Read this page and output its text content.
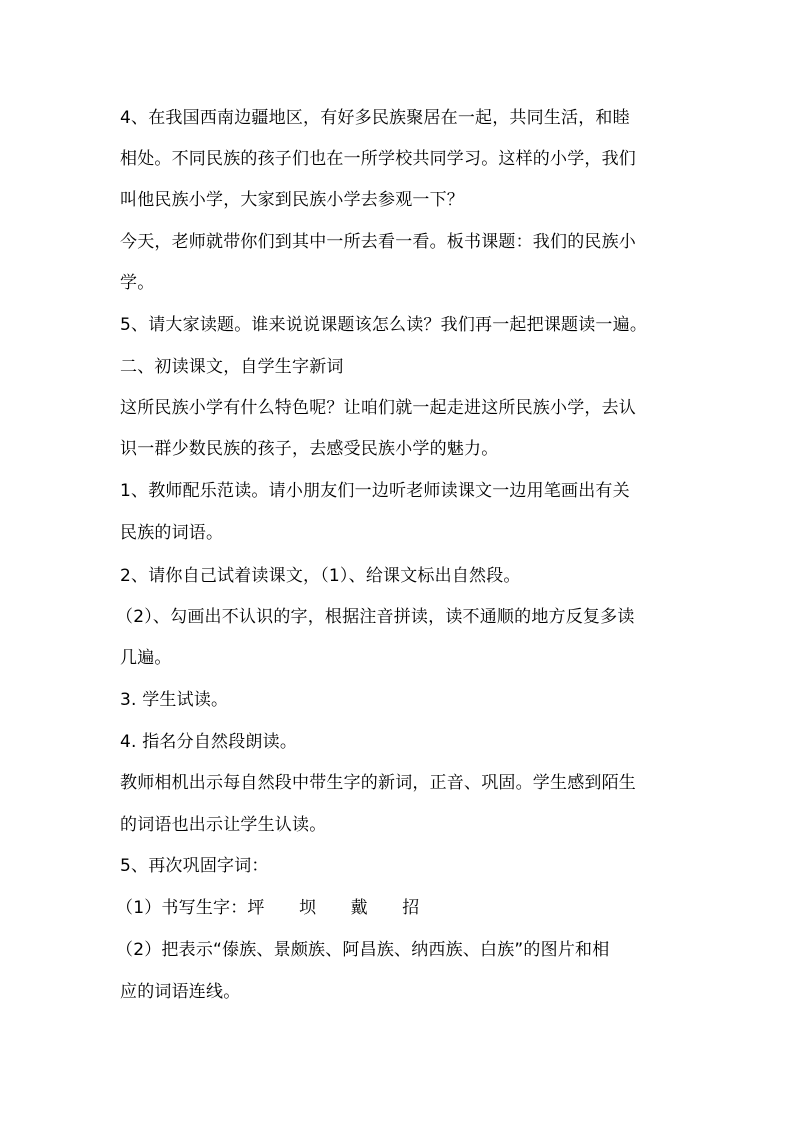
4、在我国西南边疆地区，有好多民族聚居在一起，共同生活，和睦
相处。不同民族的孩子们也在一所学校共同学习。这样的小学，我们
叫他民族小学，大家到民族小学去参观一下？
今天，老师就带你们到其中一所去看一看。板书课题：我们的民族小
学。
5、请大家读题。谁来说说课题该怎么读？我们再一起把课题读一遍。
二、初读课文，自学生字新词
这所民族小学有什么特色呢？让咱们就一起走进这所民族小学，去认
识一群少数民族的孩子，去感受民族小学的魅力。
1、教师配乐范读。请小朋友们一边听老师读课文一边用笔画出有关
民族的词语。
2、请你自己试着读课文，（1）、给课文标出自然段。
（2）、勾画出不认识的字，根据注音拼读，读不通顺的地方反复多读
几遍。
3. 学生试读。
4. 指名分自然段朗读。
教师相机出示每自然段中带生字的新词，正音、巩固。学生感到陌生
的词语也出示让学生认读。
5、再次巩固字词：
（1）书写生字：坪　　坝　　戴　　招
（2）把表示“傣族、景颇族、阿昌族、纳西族、白族”的图片和相
应的词语连线。
